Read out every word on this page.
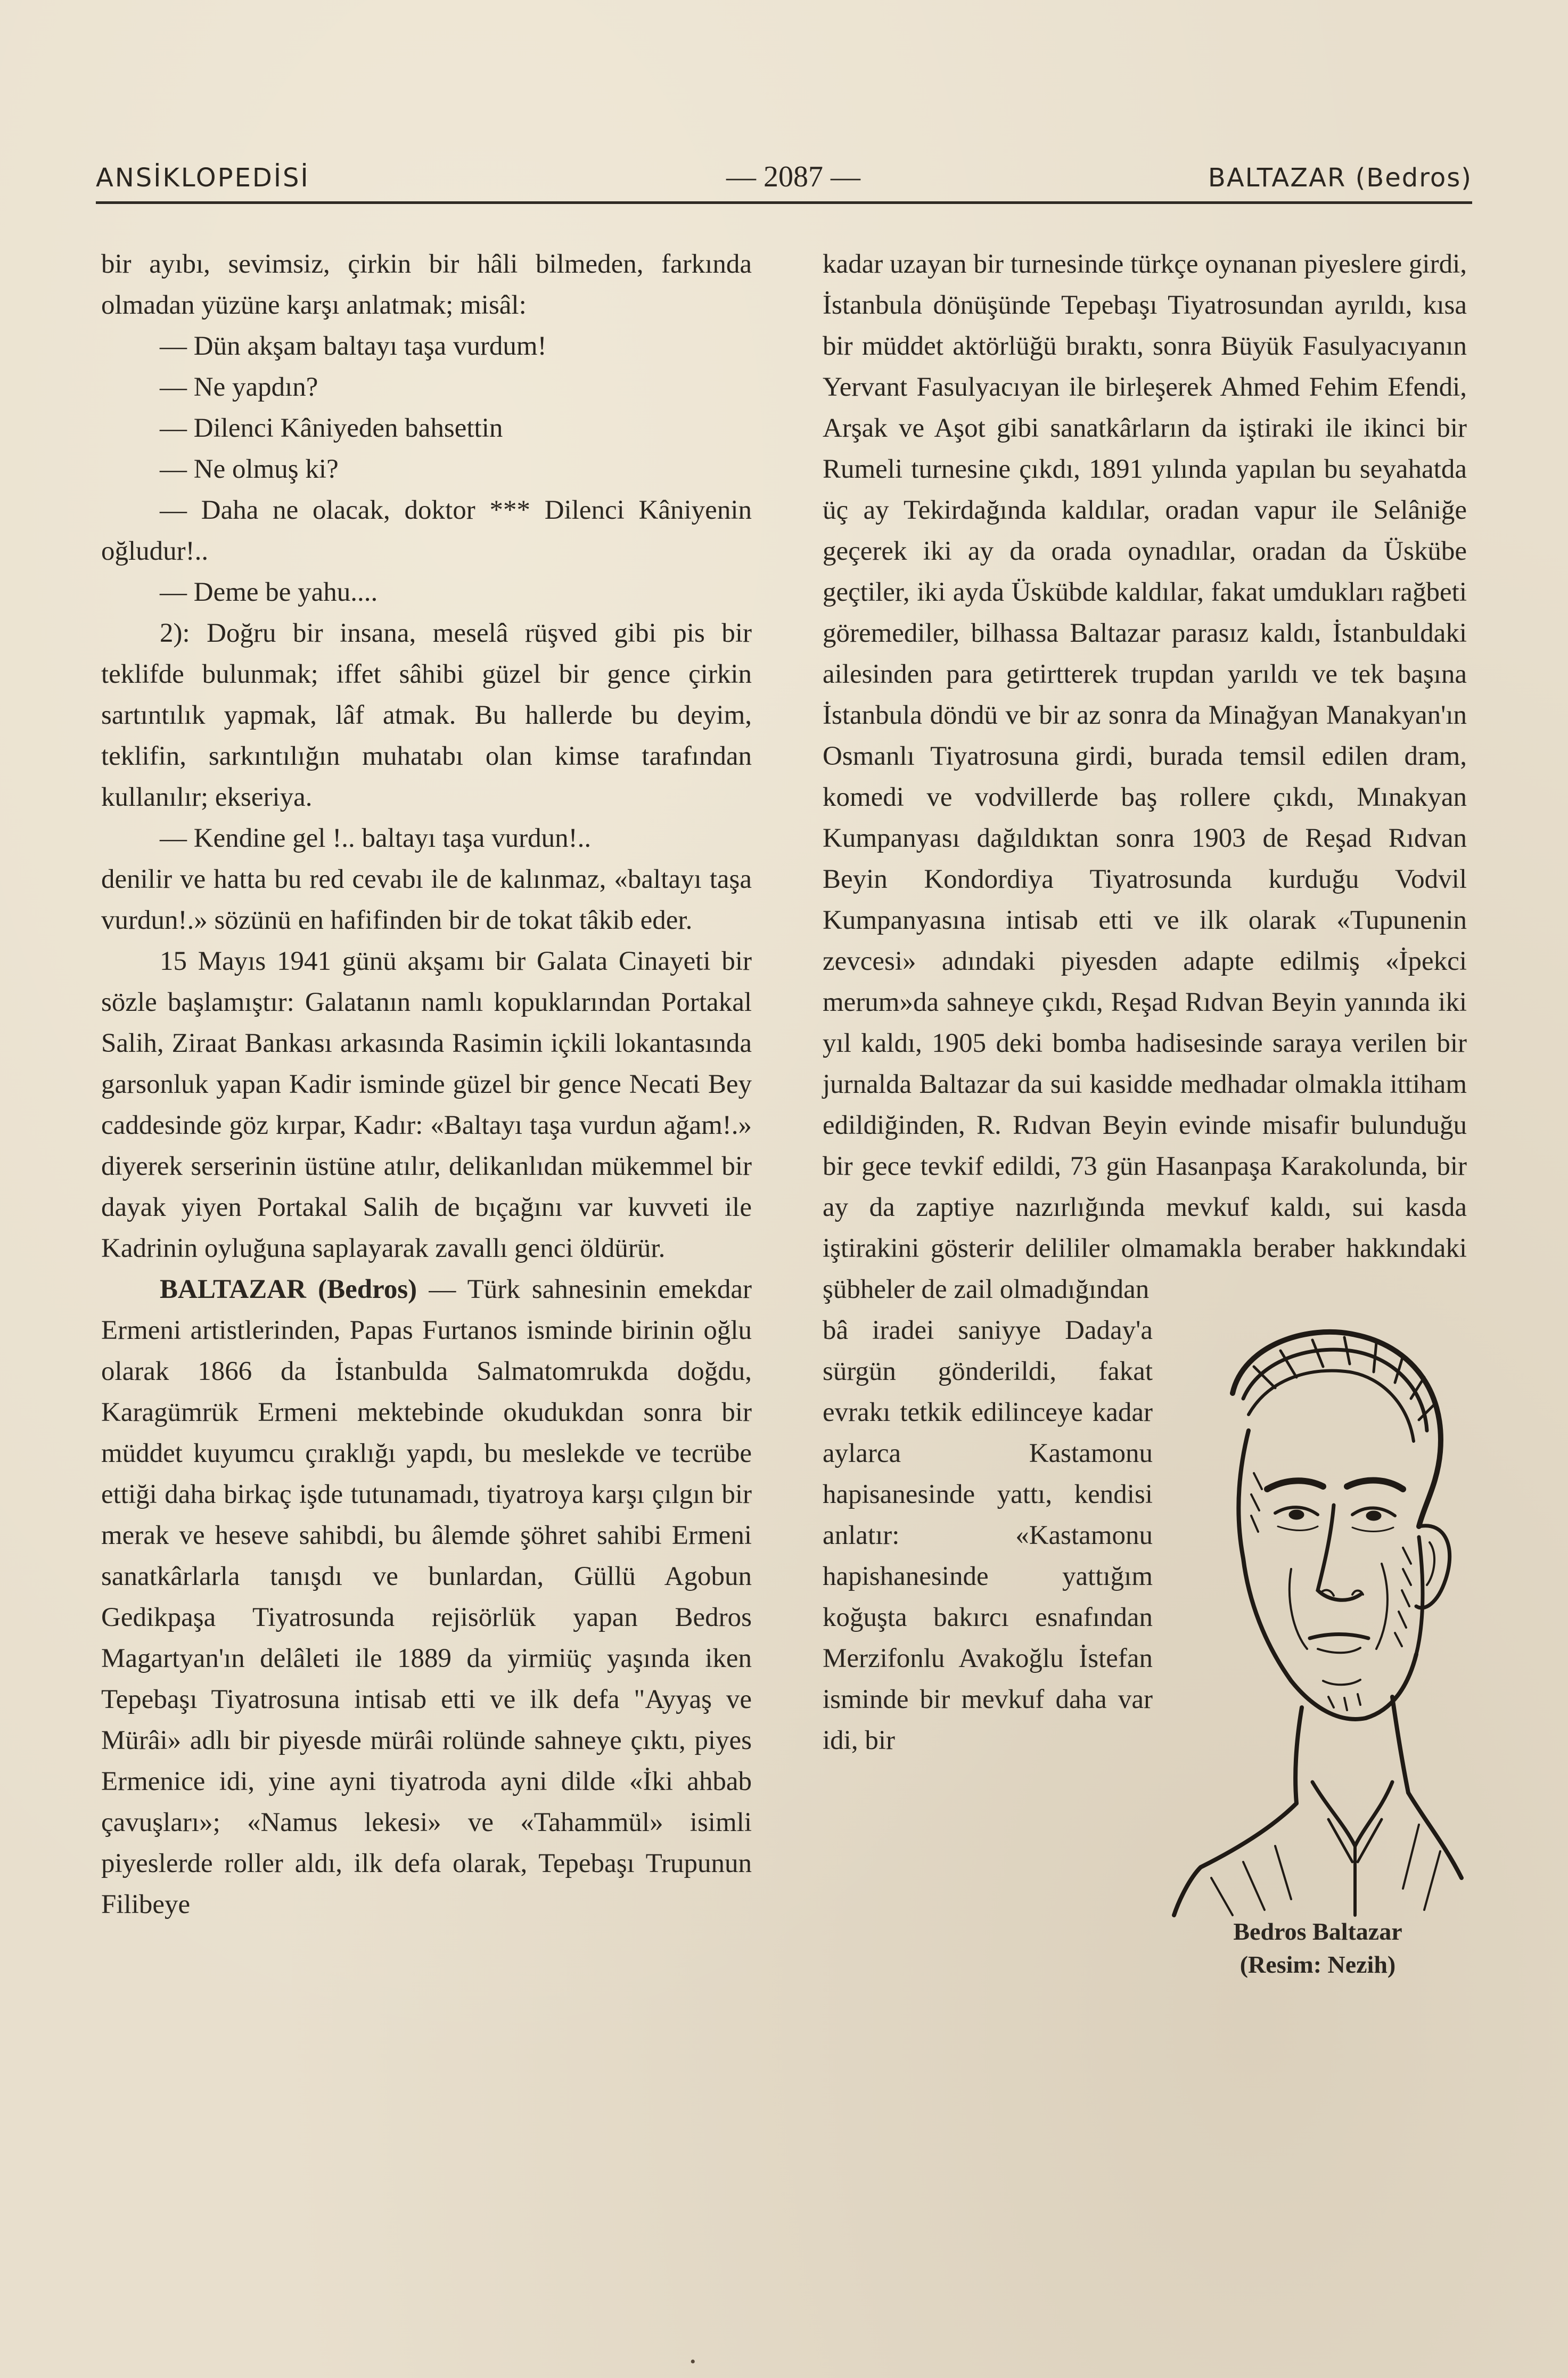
ANSİKLOPEDİSİ	— 2087 —	BALTAZAR (Bedros)

bir ayıbı, sevimsiz, çirkin bir hâli bilmeden, farkında olmadan yüzüne karşı anlatmak; misâl:

— Dün akşam baltayı taşa vurdum!

— Ne yapdın?

— Dilenci Kâniyeden bahsettin

— Ne olmuş ki?

— Daha ne olacak, doktor *** Dilenci Kâniyenin oğludur!..

— Deme be yahu....

2): Doğru bir insana, meselâ rüşved gibi pis bir teklifde bulunmak; iffet sâhibi güzel bir gence çirkin sartıntılık yapmak, lâf atmak. Bu hallerde bu deyim, teklifin, sarkıntılığın muhatabı olan kimse tarafından kullanılır; ekseriya.

— Kendine gel !.. baltayı taşa vurdun!..

denilir ve hatta bu red cevabı ile de kalınmaz, «baltayı taşa vurdun!.» sözünü en hafifinden bir de tokat tâkib eder.

15 Mayıs 1941 günü akşamı bir Galata Cinayeti bir sözle başlamıştır: Galatanın namlı kopuklarından Portakal Salih, Ziraat Bankası arkasında Rasimin içkili lokantasında garsonluk yapan Kadir isminde güzel bir gence Necati Bey caddesinde göz kırpar, Kadır: «Baltayı taşa vurdun ağam!.» diyerek serserinin üstüne atılır, delikanlıdan mükemmel bir dayak yiyen Portakal Salih de bıçağını var kuvveti ile Kadrinin oyluğuna saplayarak zavallı genci öldürür.

BALTAZAR (Bedros) — Türk sahnesinin emekdar Ermeni artistlerinden, Papas Furtanos isminde birinin oğlu olarak 1866 da İstanbulda Salmatomrukda doğdu, Karagümrük Ermeni mektebinde okudukdan sonra bir müddet kuyumcu çıraklığı yapdı, bu meslekde ve tecrübe ettiği daha birkaç işde tutunamadı, tiyatroya karşı çılgın bir merak ve heseve sahibdi, bu âlemde şöhret sahibi Ermeni sanatkârlarla tanışdı ve bunlardan, Güllü Agobun Gedikpaşa Tiyatrosunda rejisörlük yapan Bedros Magartyan'ın delâleti ile 1889 da yirmiüç yaşında iken Tepebaşı Tiyatrosuna intisab etti ve ilk defa "Ayyaş ve Mürâi» adlı bir piyesde mürâi rolünde sahneye çıktı, piyes Ermenice idi, yine ayni tiyatroda ayni dilde «İki ahbab çavuşları»; «Namus lekesi» ve «Tahammül» isimli piyeslerde roller aldı, ilk defa olarak, Tepebaşı Trupunun Filibeye

kadar uzayan bir turnesinde türkçe oynanan piyeslere girdi, İstanbula dönüşünde Tepebaşı Tiyatrosundan ayrıldı, kısa bir müddet aktörlüğü bıraktı, sonra Büyük Fasulyacıyanın Yervant Fasulyacıyan ile birleşerek Ahmed Fehim Efendi, Arşak ve Aşot gibi sanatkârların da iştiraki ile ikinci bir Rumeli turnesine çıkdı, 1891 yılında yapılan bu seyahatda üç ay Tekirdağında kaldılar, oradan vapur ile Selâniğe geçerek iki ay da orada oynadılar, oradan da Üskübe geçtiler, iki ayda Üskübde kaldılar, fakat umdukları rağbeti göremediler, bilhassa Baltazar parasız kaldı, İstanbuldaki ailesinden para getirtterek trupdan yarıldı ve tek başına İstanbula döndü ve bir az sonra da Minağyan Manakyan'ın Osmanlı Tiyatrosuna girdi, burada temsil edilen dram, komedi ve vodvillerde baş rollere çıkdı, Mınakyan Kumpanyası dağıldıktan sonra 1903 de Reşad Rıdvan Beyin Kondordiya Tiyatrosunda kurduğu Vodvil Kumpanyasına intisab etti ve ilk olarak «Tupunenin zevcesi» adındaki piyesden adapte edilmiş «İpekci merum»da sahneye çıkdı, Reşad Rıdvan Beyin yanında iki yıl kaldı, 1905 deki bomba hadisesinde saraya verilen bir jurnalda Baltazar da sui kasidde medhadar olmakla ittiham edildiğinden, R. Rıdvan Beyin evinde misafir bulunduğu bir gece tevkif edildi, 73 gün Hasanpaşa Karakolunda, bir ay da zaptiye nazırlığında mevkuf kaldı, sui kasda iştirakini gösterir delililer olmamakla beraber hakkındaki şübheler de zail olmadığından

Bedros Baltazar
(Resim: Nezih)

bâ iradei saniyye Daday'a sürgün gönderildi, fakat evrakı tetkik edilinceye kadar aylarca Kastamonu hapisanesinde yattı, kendisi anlatır: «Kastamonu hapishanesinde yattığım koğuşta bakırcı esnafından Merzifonlu Avakoğlu İstefan isminde bir mevkuf daha var idi, bir

•
